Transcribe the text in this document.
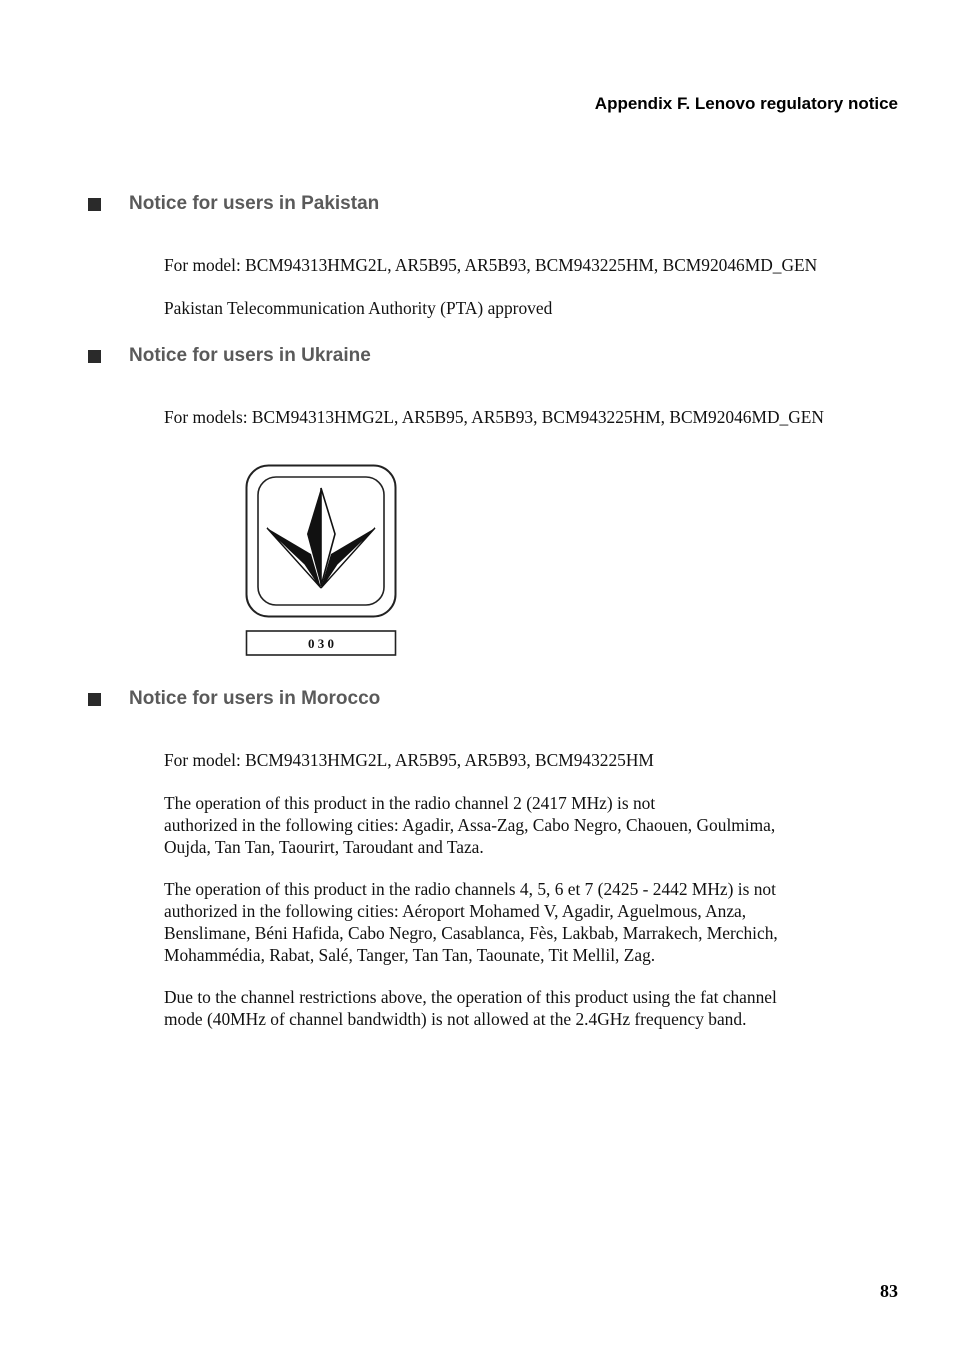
Appendix F. Lenovo regulatory notice
Notice for users in Pakistan
For model: BCM94313HMG2L, AR5B95, AR5B93, BCM943225HM, BCM92046MD_GEN
Pakistan Telecommunication Authority (PTA) approved
Notice for users in Ukraine
For models: BCM94313HMG2L, AR5B95, AR5B93, BCM943225HM, BCM92046MD_GEN
0 3 0
Notice for users in Morocco
For model: BCM94313HMG2L, AR5B95, AR5B93, BCM943225HM
The operation of this product in the radio channel 2 (2417 MHz) is not
authorized in the following cities: Agadir, Assa-Zag, Cabo Negro, Chaouen, Goulmima,
Oujda, Tan Tan, Taourirt, Taroudant and Taza.
The operation of this product in the radio channels 4, 5, 6 et 7 (2425 - 2442 MHz) is not
authorized in the following cities: Aéroport Mohamed V, Agadir, Aguelmous, Anza,
Benslimane, Béni Hafida, Cabo Negro, Casablanca, Fès, Lakbab, Marrakech, Merchich,
Mohammédia, Rabat, Salé, Tanger, Tan Tan, Taounate, Tit Mellil, Zag.
Due to the channel restrictions above, the operation of this product using the fat channel
mode (40MHz of channel bandwidth) is not allowed at the 2.4GHz frequency band.
83
